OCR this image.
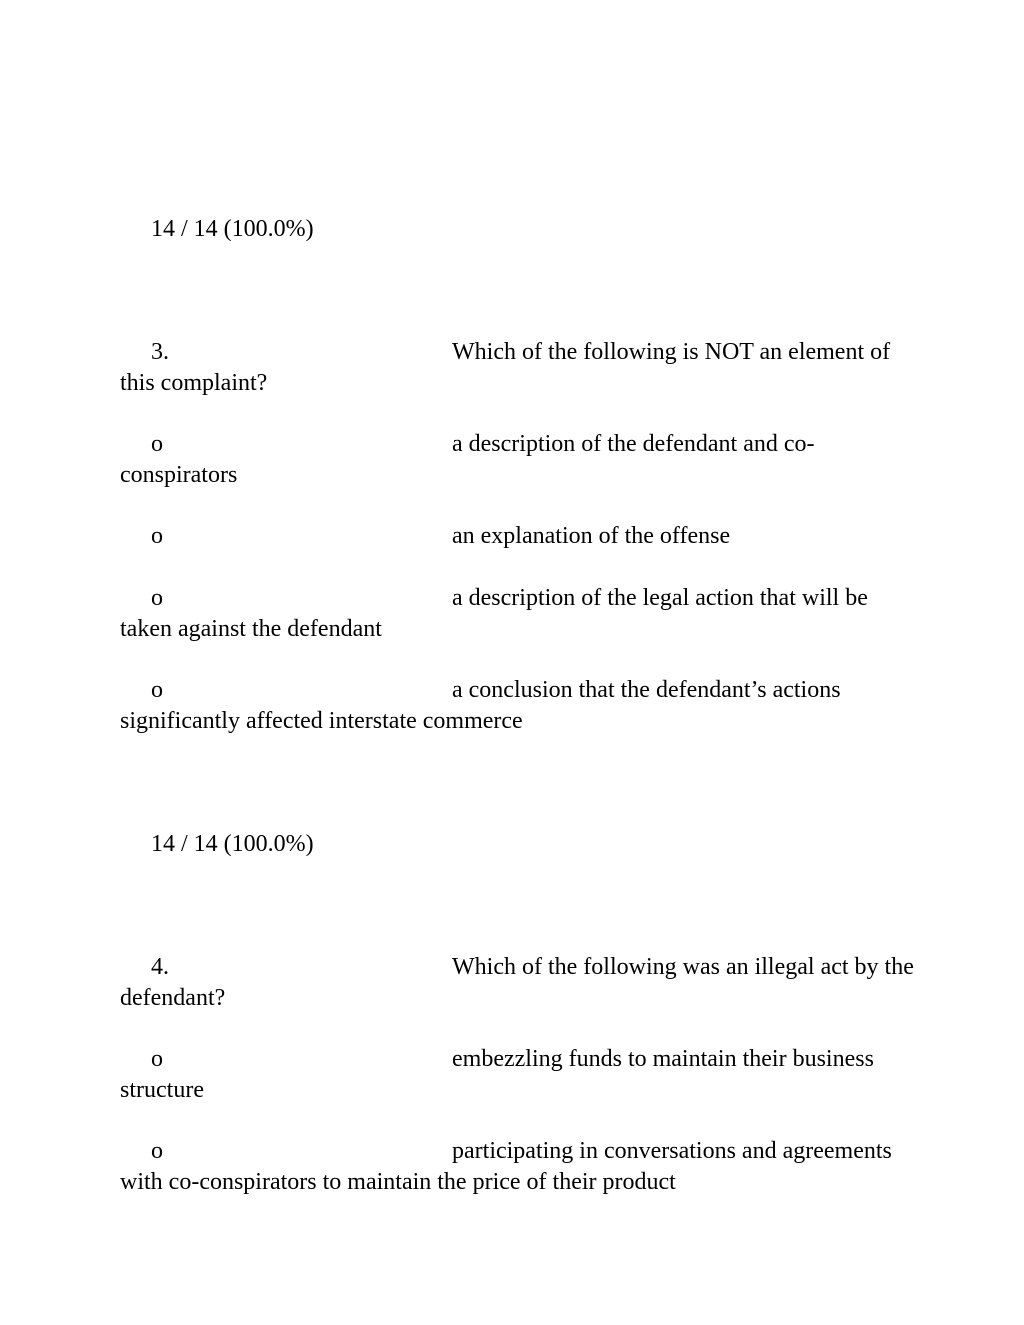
14 / 14 (100.0%)
3.	Which of the following is NOT an element of this complaint?

o	a description of the defendant and co-conspirators

o	an explanation of the offense

o	a description of the legal action that will be taken against the defendant

o	a conclusion that the defendant’s actions significantly affected interstate commerce

14 / 14 (100.0%)
4.	Which of the following was an illegal act by the defendant?

o	embezzling funds to maintain their business structure

o	participating in conversations and agreements with co-conspirators to maintain the price of their product
